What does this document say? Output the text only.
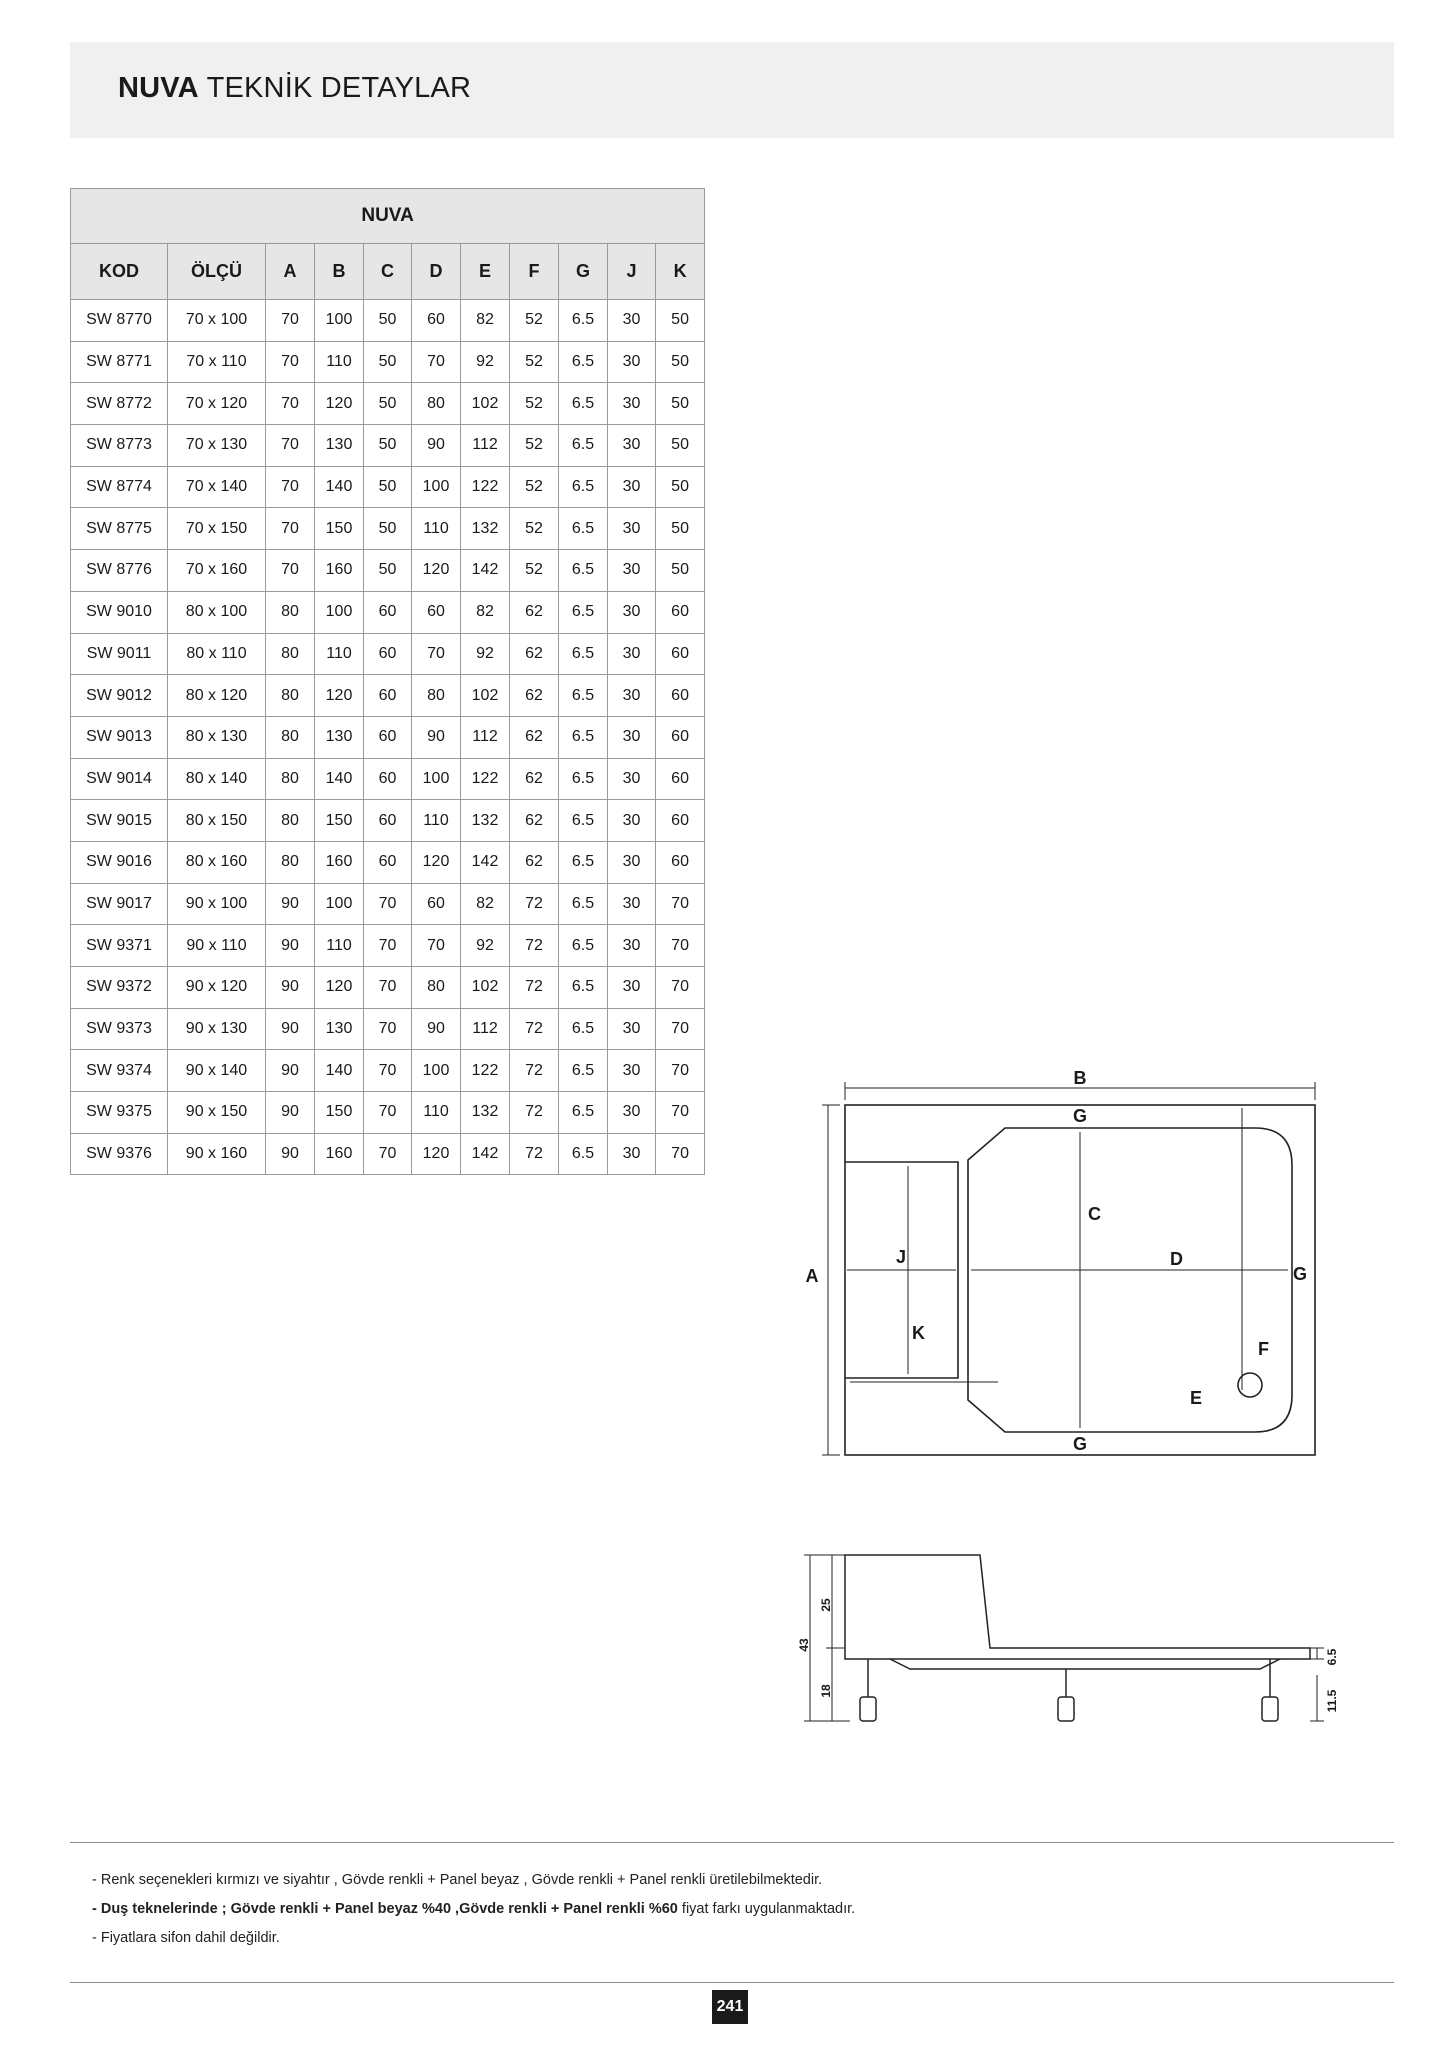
NUVA TEKNİK DETAYLAR
NUVA										
KOD	ÖLÇÜ	A	B	C	D	E	F	G	J	K
SW 8770	70 x 100	70	100	50	60	82	52	6.5	30	50
SW 8771	70 x 110	70	110	50	70	92	52	6.5	30	50
SW 8772	70 x 120	70	120	50	80	102	52	6.5	30	50
SW 8773	70 x 130	70	130	50	90	112	52	6.5	30	50
SW 8774	70 x 140	70	140	50	100	122	52	6.5	30	50
SW 8775	70 x 150	70	150	50	110	132	52	6.5	30	50
SW 8776	70 x 160	70	160	50	120	142	52	6.5	30	50
SW 9010	80 x 100	80	100	60	60	82	62	6.5	30	60
SW 9011	80 x 110	80	110	60	70	92	62	6.5	30	60
SW 9012	80 x 120	80	120	60	80	102	62	6.5	30	60
SW 9013	80 x 130	80	130	60	90	112	62	6.5	30	60
SW 9014	80 x 140	80	140	60	100	122	62	6.5	30	60
SW 9015	80 x 150	80	150	60	110	132	62	6.5	30	60
SW 9016	80 x 160	80	160	60	120	142	62	6.5	30	60
SW 9017	90 x 100	90	100	70	60	82	72	6.5	30	70
SW 9371	90 x 110	90	110	70	70	92	72	6.5	30	70
SW 9372	90 x 120	90	120	70	80	102	72	6.5	30	70
SW 9373	90 x 130	90	130	70	90	112	72	6.5	30	70
SW 9374	90 x 140	90	140	70	100	122	72	6.5	30	70
SW 9375	90 x 150	90	150	70	110	132	72	6.5	30	70
SW 9376	90 x 160	90	160	70	120	142	72	6.5	30	70
B
G
G
G
A
C
D
J
K
E
F
43
25
18
6.5
11.5
- Renk seçenekleri kırmızı ve siyahtır , Gövde renkli + Panel beyaz , Gövde renkli + Panel renkli üretilebilmektedir.
- Duş teknelerinde ; Gövde renkli + Panel beyaz %40 ,Gövde renkli + Panel renkli %60 fiyat farkı uygulanmaktadır.
- Fiyatlara sifon dahil değildir.
241
